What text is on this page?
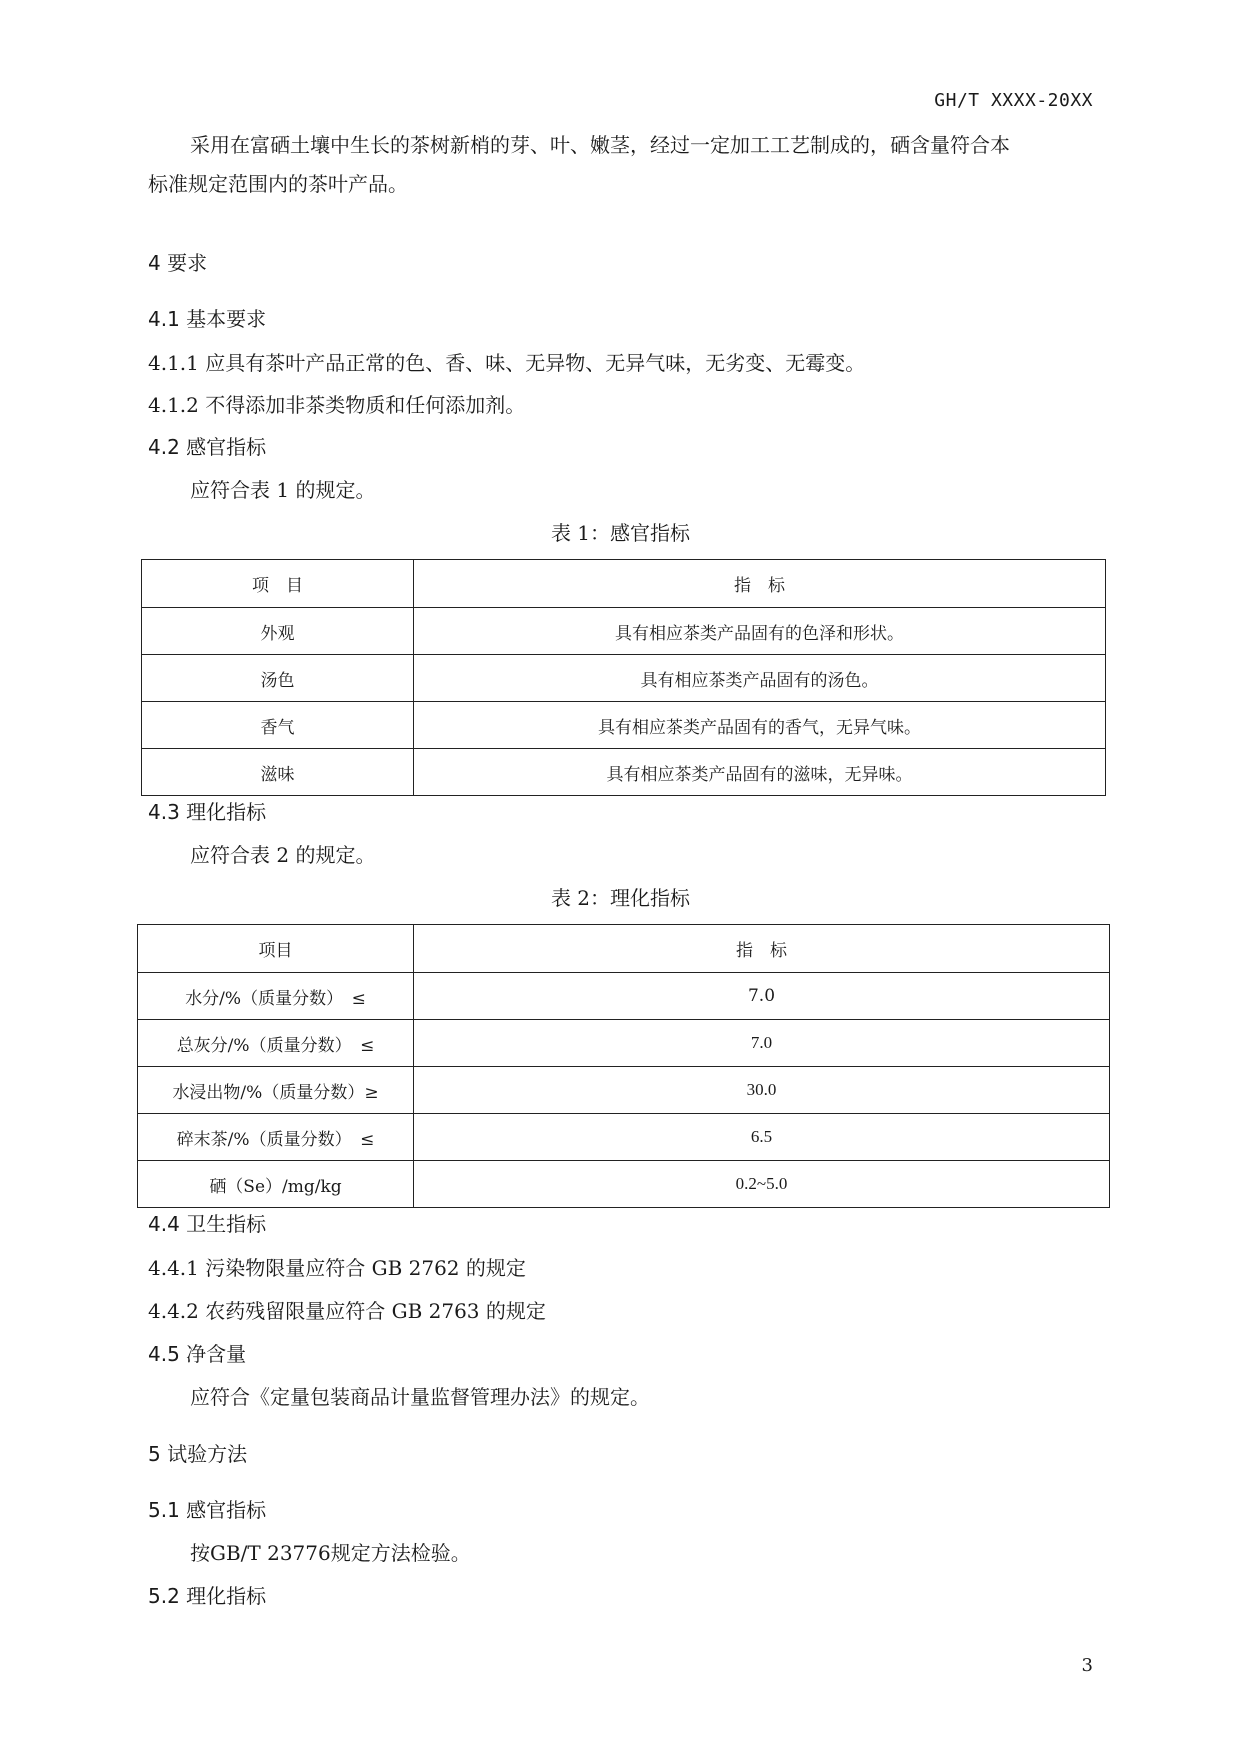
GH/T XXXX-20XX
采用在富硒土壤中生长的茶树新梢的芽、叶、嫩茎，经过一定加工工艺制成的，硒含量符合本
标准规定范围内的茶叶产品。
4 要求
4.1 基本要求
4.1.1 应具有茶叶产品正常的色、香、味、无异物、无异气味，无劣变、无霉变。
4.1.2 不得添加非茶类物质和任何添加剂。
4.2 感官指标
应符合表 1 的规定。
表 1：感官指标
项　目	指　标
外观	具有相应茶类产品固有的色泽和形状。
汤色	具有相应茶类产品固有的汤色。
香气	具有相应茶类产品固有的香气，无异气味。
滋味	具有相应茶类产品固有的滋味，无异味。
4.3 理化指标
应符合表 2 的规定。
表 2：理化指标
项目	指　标
水分/%（质量分数）　≤	7.0
总灰分/%（质量分数）　≤	7.0
水浸出物/%（质量分数）≥	30.0
碎末茶/%（质量分数）　≤	6.5
硒（Se）/mg/kg	0.2~5.0
4.4 卫生指标
4.4.1 污染物限量应符合 GB 2762 的规定
4.4.2 农药残留限量应符合 GB 2763 的规定
4.5 净含量
应符合《定量包装商品计量监督管理办法》的规定。
5 试验方法
5.1 感官指标
按GB/T 23776规定方法检验。
5.2 理化指标
3
